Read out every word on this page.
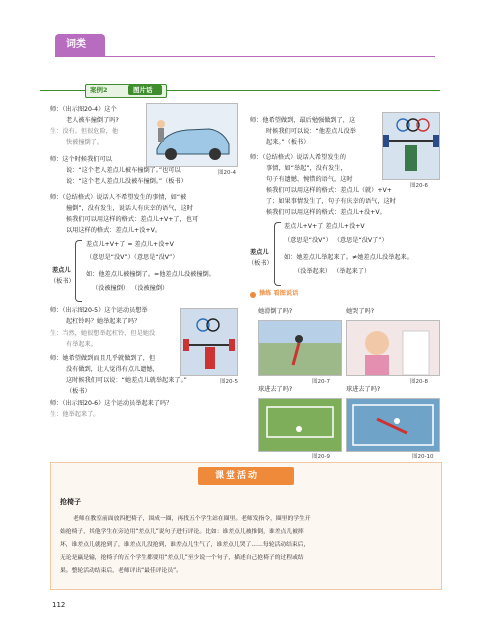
词类
案例2	图片话
师：（出示图20-4）这个
老人被车撞倒了吗?
生：没有。但很危险，他
快被撞倒了。
师：这个时候我们可以
说：“这个老人差点儿被车撞倒了。”也可以
说：“这个老人差点儿没被车撞倒。”（板书）
师：（总结格式）说话人不希望发生的事情，如“被
撞倒”，没有发生，说话人有庆幸的语气，这时
候我们可以用这样的格式：差点儿+V+了，也可
以用这样的格式：差点儿+没+V。
图20-4
差点儿
（板书）
差点儿+V+了 = 差点儿+没+V
（意思是“没V”）（意思是“没V”）
如：他差点儿被撞倒了。=他差点儿没被撞倒。
（没被撞倒） （没被撞倒）
师：（出示图20-5）这个运动员想举
起杠铃吗？她举起来了吗？
生：当然，她很想举起杠铃，但是她没
有举起来。
师：她希望做到而且几乎就做到了，但
没有做到，让人觉得有点儿遗憾，
这时候我们可以说：“她差点儿就举起来了。”
（板书）
师：（出示图20-6）这个运动员举起来了吗？
生：他举起来了。
图20-5
师：他希望做到，最后勉强做到了，这
时候我们可以说：“他差点儿没举
起来。”（板书）
师：（总结格式）说话人希望发生的
事情，如“举起”，没有发生，
句子有遗憾、惋惜的语气，这时
候我们可以用这样的格式：差点儿（就）+V+
了；如果事情发生了，句子有庆幸的语气，这时
候我们可以用这样的格式：差点儿+没+V。
图20-6
差点儿
（板书）
差点儿+V+了 差点儿+没+V
（意思是“没V”） （意思是“没V了”）
如：她差点儿举起来了。≠她差点儿没举起来。
（没举起来） （举起来了）
操练 看图说话
她滑倒了吗?	她哭了吗?
图20-7	图20-8
球进去了吗?	球进去了吗?
图20-9	图20-10
课堂活动
抢椅子
老师在教室前面放四把椅子，围成一圈，再找五个学生站在圈里。老师发指令，圈里的学生开
始抢椅子，其他学生在旁边用“差点儿”说句子进行评论。比如：谁差点儿被推倒，谁差点儿被摔
坏，谁差点儿就抢到了，谁差点儿没抢到，谁差点儿生气了，谁差点儿哭了……每轮活动结束后，
无论是赢是输，抢椅子的五个学生都要用“差点儿”至少说一个句子，描述自己抢椅子的过程或结
果。整轮活动结束后，老师评出“最佳评论员”。
112
